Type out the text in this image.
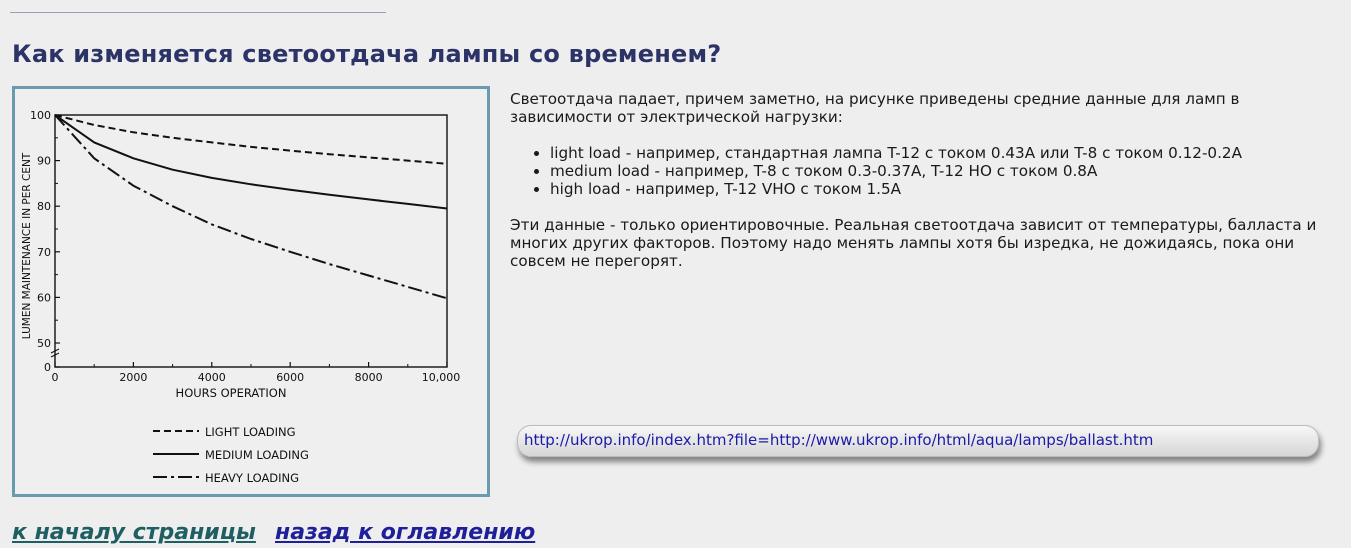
Как изменяется светоотдача лампы со временем?
0
50
60
70
80
90
100
0	2000	4000	6000	8000	10,000
HOURS OPERATION
LUMEN MAINTENANCE IN PER CENT
LIGHT LOADING
MEDIUM LOADING
HEAVY LOADING

Светоотдача падает, причем заметно, на рисунке приведены средние данные для ламп в зависимости от электрической нагрузки:

• light load - например, стандартная лампа T-12 с током 0.43A или T-8 с током 0.12-0.2A
• medium load - например, T-8 с током 0.3-0.37A, T-12 HO с током 0.8A
• high load - например, T-12 VHO с током 1.5A

Эти данные - только ориентировочные. Реальная светоотдача зависит от температуры, балласта и многих других факторов. Поэтому надо менять лампы хотя бы изредка, не дожидаясь, пока они совсем не перегорят.

http://ukrop.info/index.htm?file=http://www.ukrop.info/html/aqua/lamps/ballast.htm
к началу страницы назад к оглавлению
